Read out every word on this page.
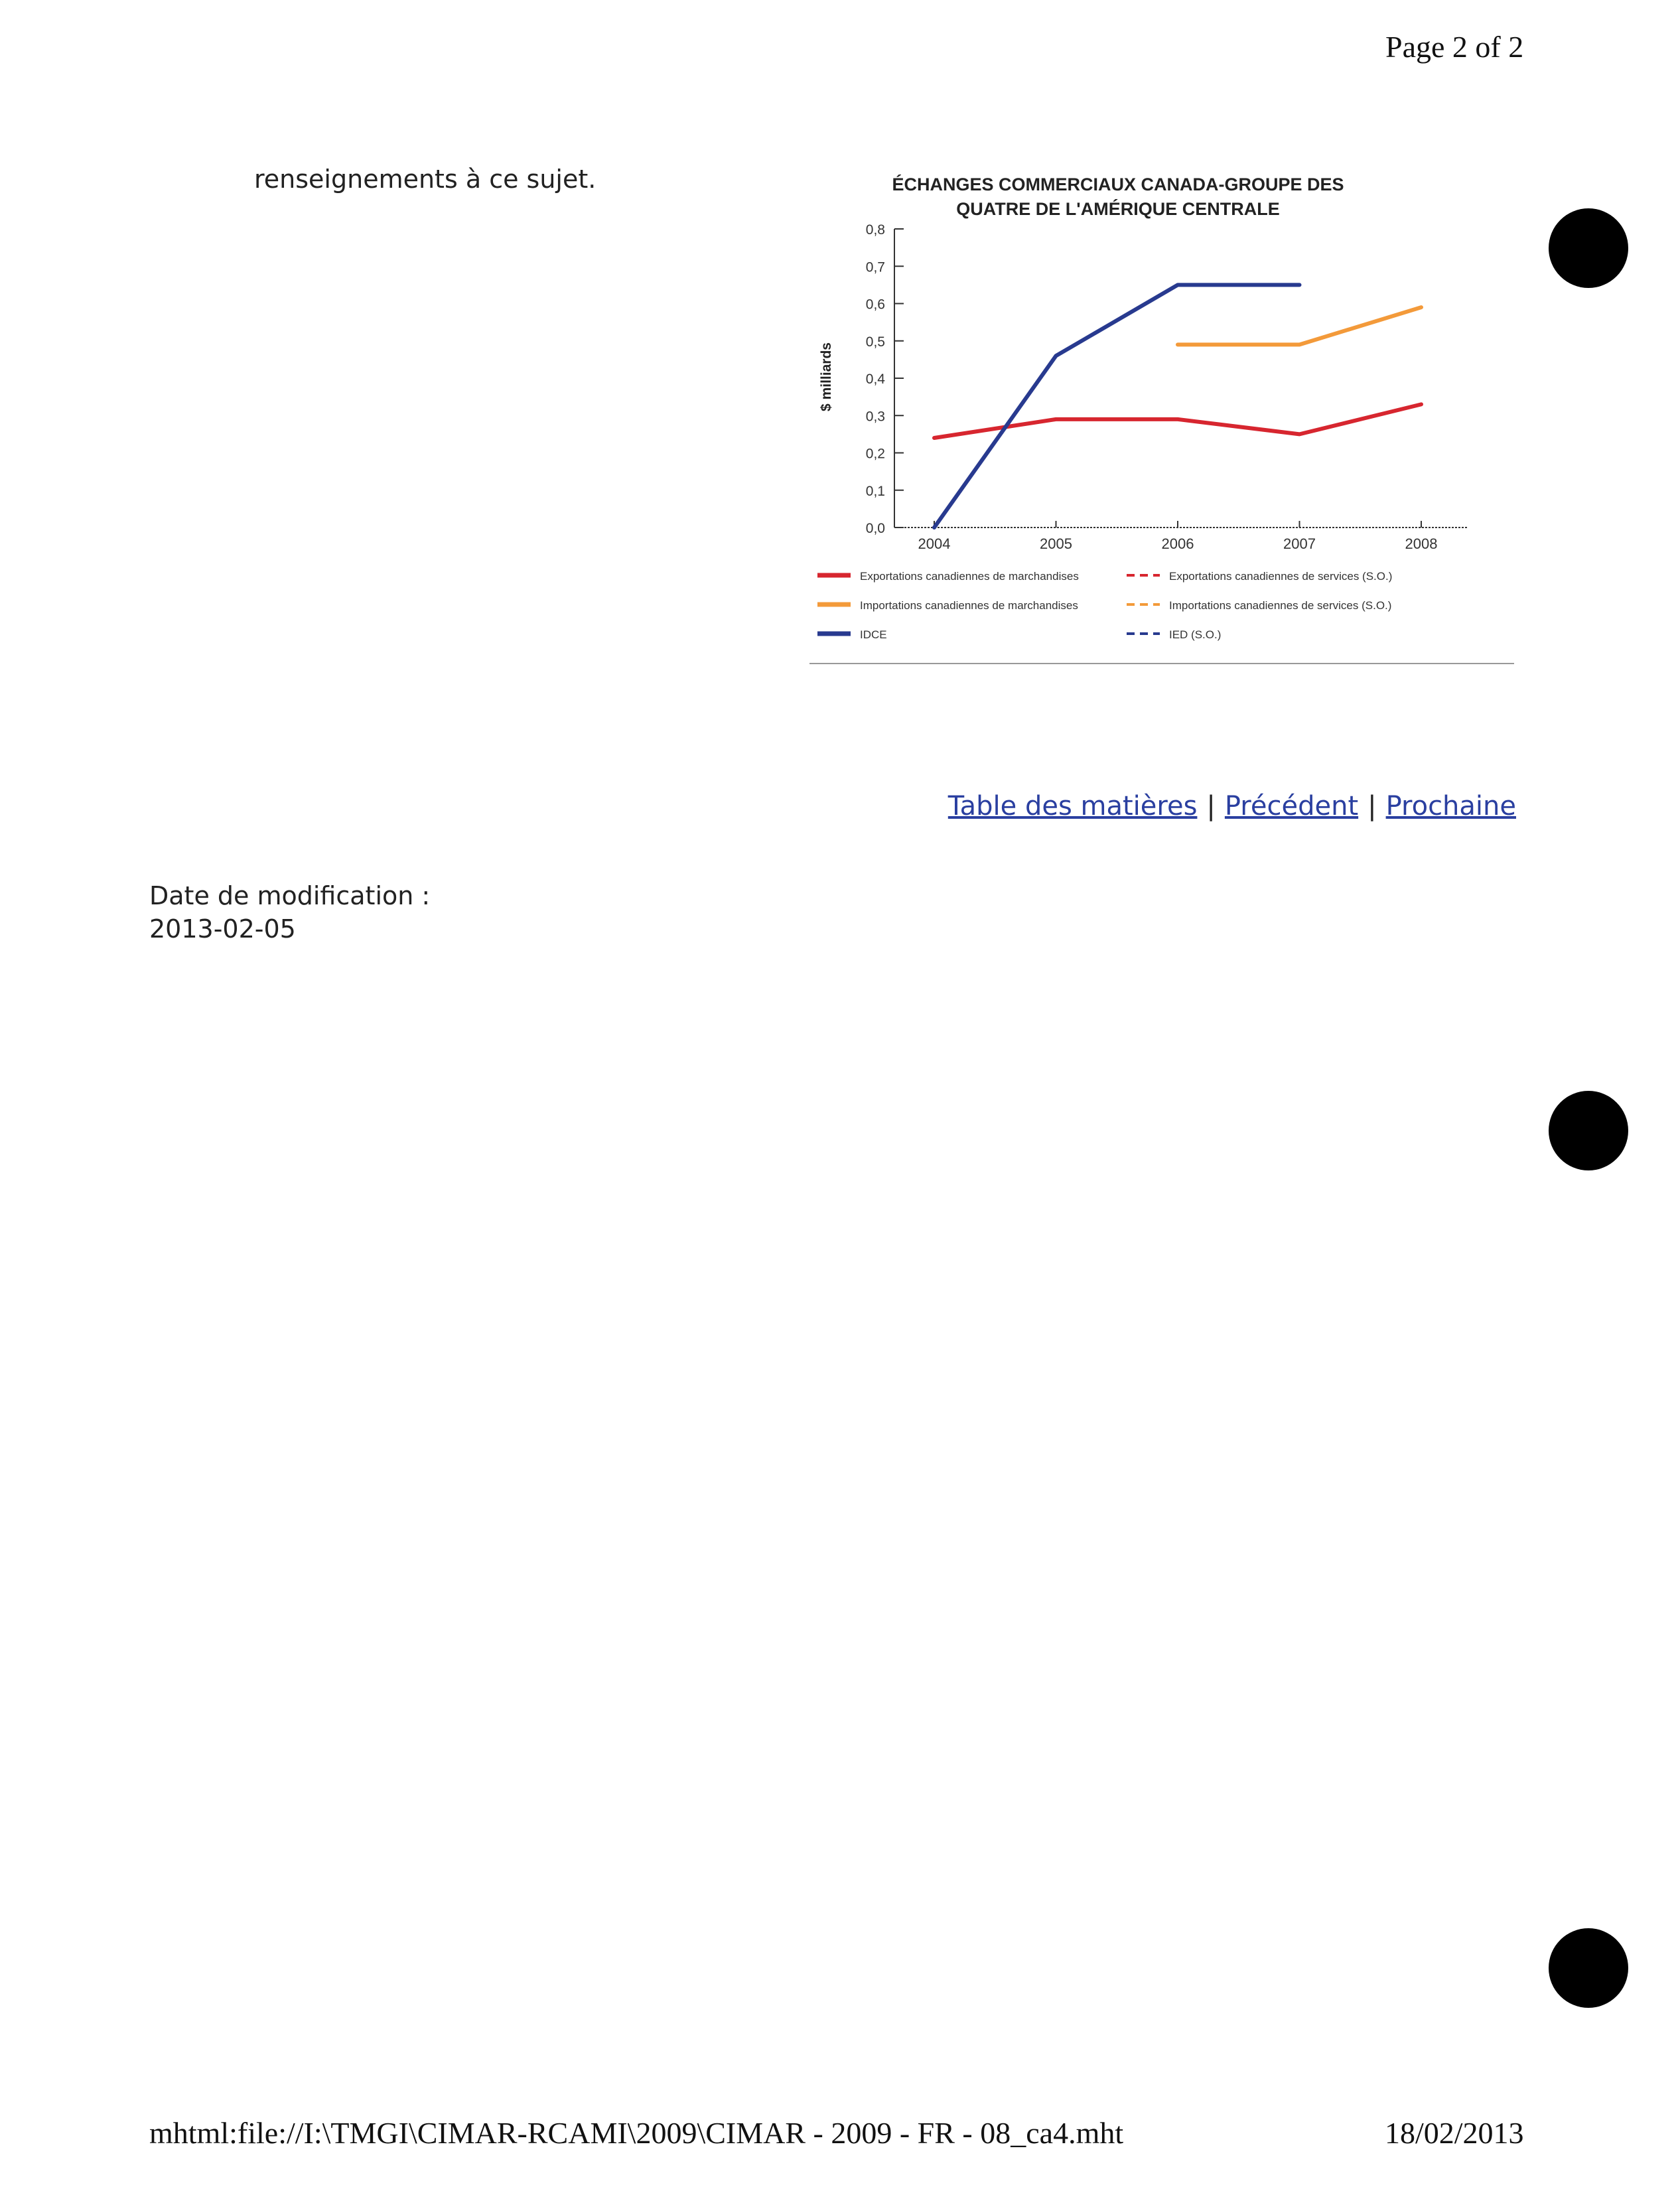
Page 2 of 2
renseignements à ce sujet.	ÉCHANGES COMMERCIAUX CANADA-GROUPE DES
QUATRE DE L'AMÉRIQUE CENTRALE
$ milliards
0,0
0,1
0,2
0,3
0,4
0,5
0,6
0,7
0,8
2004	2005	2006	2007	2008
Exportations canadiennes de marchandises
Importations canadiennes de marchandises
IDCE
Exportations canadiennes de services (S.O.)
Importations canadiennes de services (S.O.)
IED (S.O.)
Table des matières | Précédent | Prochaine
Date de modification :
2013-02-05
mhtml:file://I:\TMGI\CIMAR-RCAMI\2009\CIMAR - 2009 - FR - 08_ca4.mht	18/02/2013
